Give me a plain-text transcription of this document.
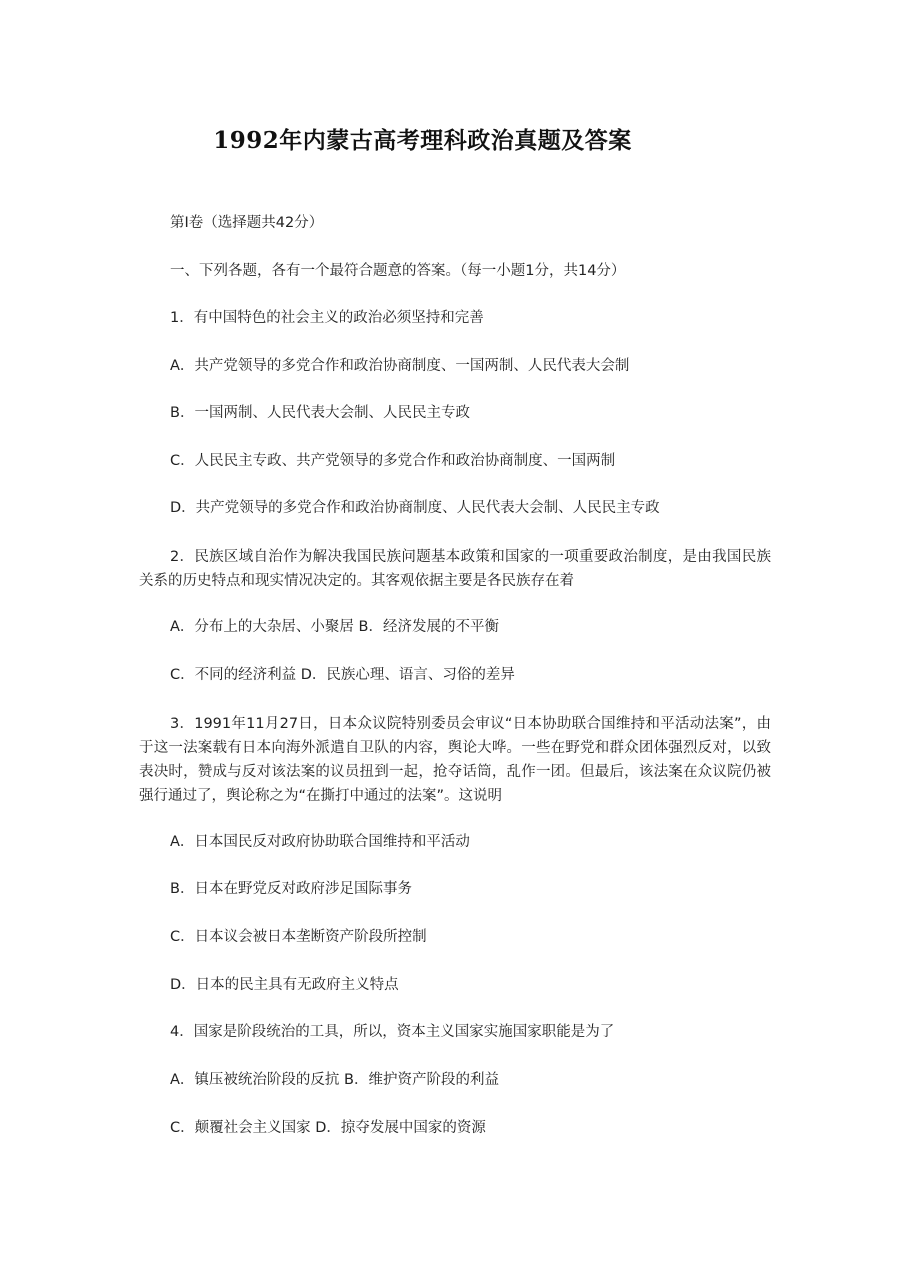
1992年内蒙古高考理科政治真题及答案
第Ⅰ卷（选择题共42分）
一、下列各题，各有一个最符合题意的答案。（每一小题1分，共14分）
1．有中国特色的社会主义的政治必须坚持和完善
A．共产党领导的多党合作和政治协商制度、一国两制、人民代表大会制
B．一国两制、人民代表大会制、人民民主专政
C．人民民主专政、共产党领导的多党合作和政治协商制度、一国两制
D．共产党领导的多党合作和政治协商制度、人民代表大会制、人民民主专政
2．民族区域自治作为解决我国民族问题基本政策和国家的一项重要政治制度，是由我国民族关系的历史特点和现实情况决定的。其客观依据主要是各民族存在着
A．分布上的大杂居、小聚居 B．经济发展的不平衡
C．不同的经济利益 D．民族心理、语言、习俗的差异
3．1991年11月27日，日本众议院特别委员会审议“日本协助联合国维持和平活动法案”，由于这一法案载有日本向海外派遣自卫队的内容，舆论大哗。一些在野党和群众团体强烈反对，以致表决时，赞成与反对该法案的议员扭到一起，抢夺话筒，乱作一团。但最后，该法案在众议院仍被强行通过了，舆论称之为“在撕打中通过的法案”。这说明
A．日本国民反对政府协助联合国维持和平活动
B．日本在野党反对政府涉足国际事务
C．日本议会被日本垄断资产阶段所控制
D．日本的民主具有无政府主义特点
4．国家是阶段统治的工具，所以，资本主义国家实施国家职能是为了
A．镇压被统治阶段的反抗 B．维护资产阶段的利益
C．颠覆社会主义国家 D．掠夺发展中国家的资源
